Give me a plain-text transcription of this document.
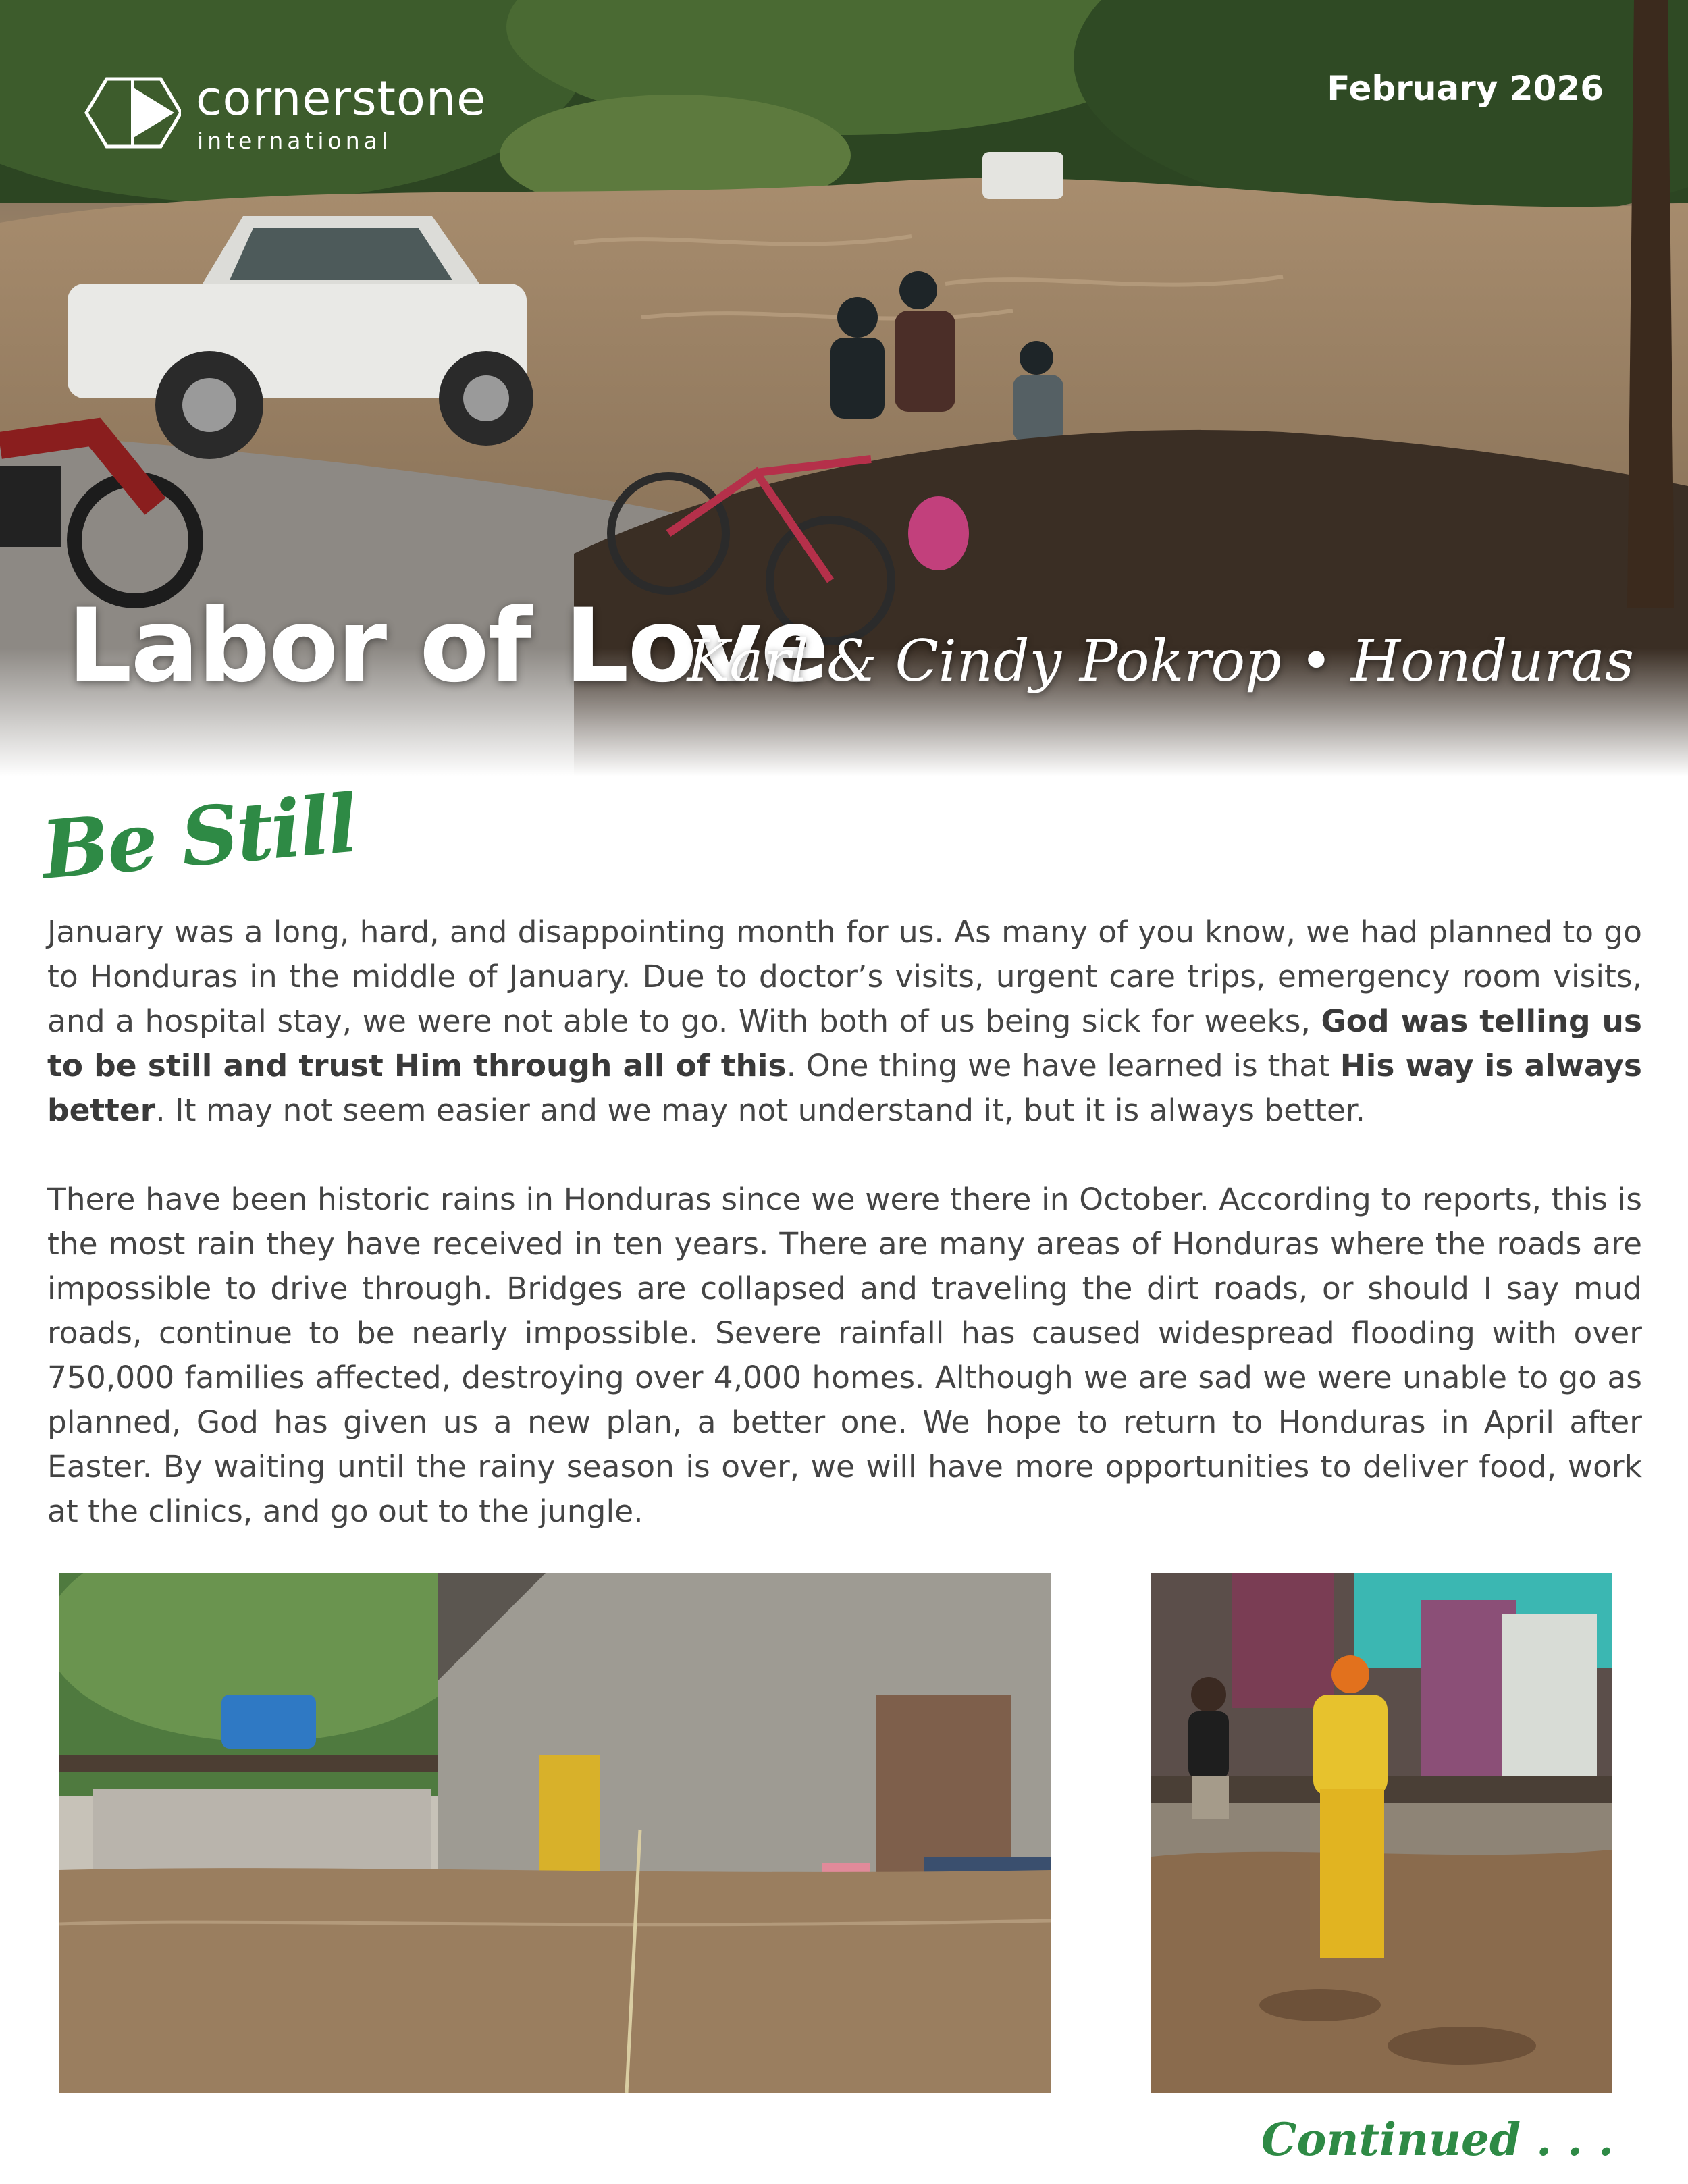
cornerstone
international
February 2026
Labor of Love
Karl & Cindy Pokrop • Honduras
Be Still

January was a long, hard, and disappointing month for us. As many of you know, we had planned to go to Honduras in the middle of January. Due to doctor’s visits, urgent care trips, emergency room visits, and a hospital stay, we were not able to go. With both of us being sick for weeks, God was telling us to be still and trust Him through all of this. One thing we have learned is that His way is always better. It may not seem easier and we may not understand it, but it is always better.

There have been historic rains in Honduras since we were there in October. According to reports, this is the most rain they have received in ten years. There are many areas of Honduras where the roads are impossible to drive through. Bridges are collapsed and traveling the dirt roads, or should I say mud roads, continue to be nearly impossible. Severe rainfall has caused widespread flooding with over 750,000 families affected, destroying over 4,000 homes. Although we are sad we were unable to go as planned, God has given us a new plan, a better one. We hope to return to Honduras in April after Easter. By waiting until the rainy season is over, we will have more opportunities to deliver food, work at the clinics, and go out to the jungle.

Continued . . .
